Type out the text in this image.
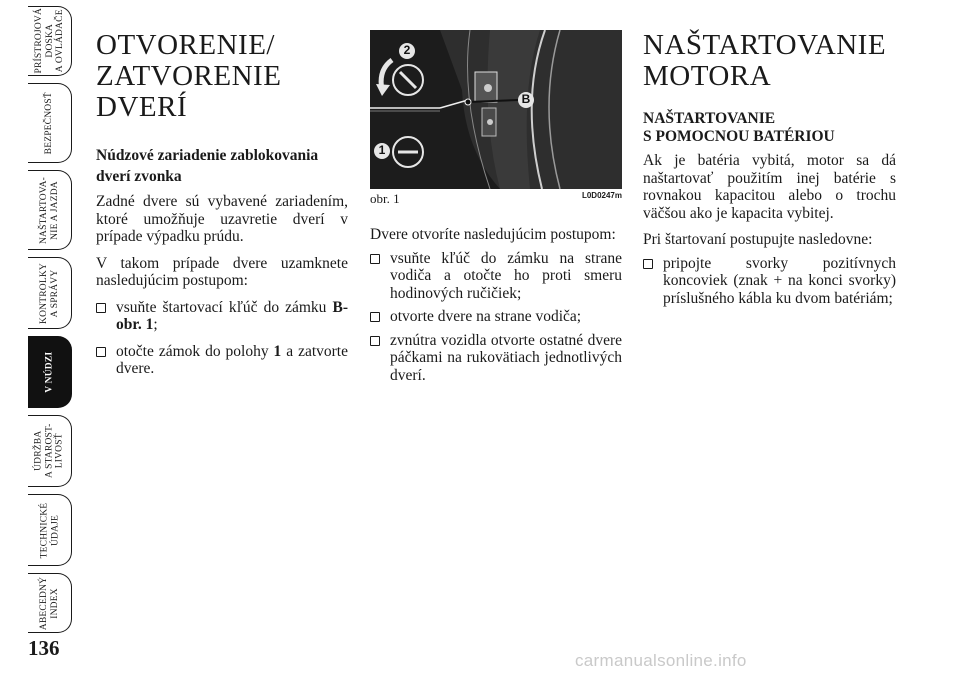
PRÍSTROJOVÁ
DOSKA
A OVLÁDAČE
BEZPEČNOSŤ
NAŠTARTOVA-
NIE A JAZDA
KONTROLKY
A SPRÁVY
V NÚDZI
ÚDRŽBA
A STAROST-
LIVOSŤ
TECHNICKÉ
ÚDAJE
ABECEDNÝ
INDEX
136
OTVORENIE/
ZATVORENIE
DVERÍ
Núdzové zariadenie zablokovania dverí zvonka

Zadné dvere sú vybavené zariadením, ktoré umožňuje uzavretie dverí v prípade výpadku prúdu.

V takom prípade dvere uzamknete nasledujúcim postupom:

vsuňte štartovací kľúč do zámku B-obr. 1;
otočte zámok do polohy 1 a zatvorte dvere.
2
1
B
obr. 1	L0D0247m

Dvere otvoríte nasledujúcim postupom:

vsuňte kľúč do zámku na strane vodiča a otočte ho proti smeru hodinových ručičiek;
otvorte dvere na strane vodiča;
zvnútra vozidla otvorte ostatné dvere páčkami na rukovätiach jednotlivých dverí.
NAŠTARTOVANIE
MOTORA
NAŠTARTOVANIE
S POMOCNOU BATÉRIOU

Ak je batéria vybitá, motor sa dá naštartovať použitím inej batérie s rovnakou kapacitou alebo o trochu väčšou ako je kapacita vybitej.

Pri štartovaní postupujte nasledovne:

pripojte svorky pozitívnych koncoviek (znak + na konci svorky) príslušného kábla ku dvom batériám;
carmanualsonline.info
